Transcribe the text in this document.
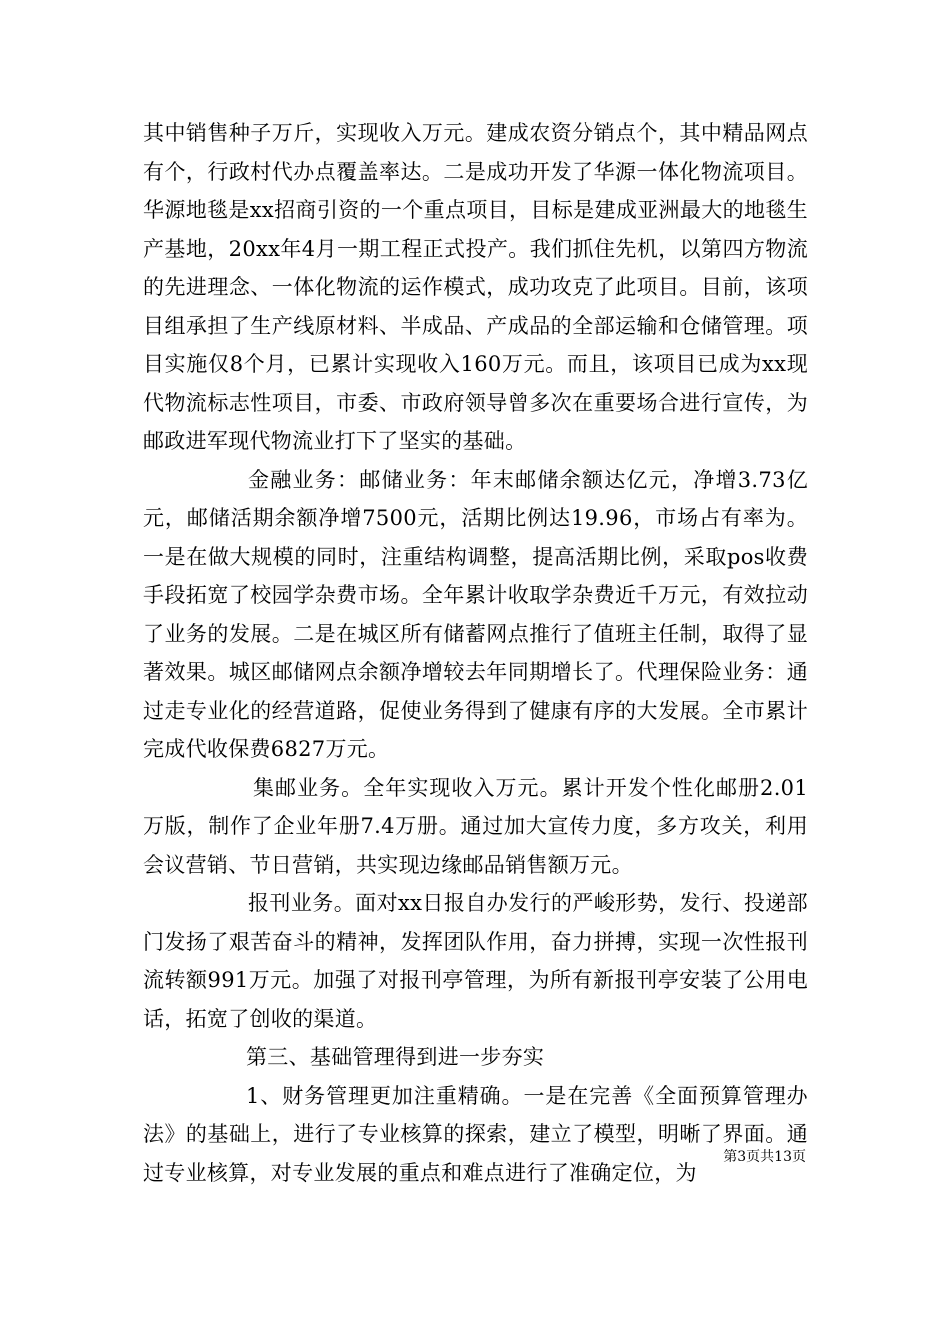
其中销售种子万斤，实现收入万元。建成农资分销点个，其中精品网点有个，行政村代办点覆盖率达。二是成功开发了华源一体化物流项目。华源地毯是xx招商引资的一个重点项目，目标是建成亚洲最大的地毯生产基地，20xx年4月一期工程正式投产。我们抓住先机，以第四方物流的先进理念、一体化物流的运作模式，成功攻克了此项目。目前，该项目组承担了生产线原材料、半成品、产成品的全部运输和仓储管理。项目实施仅8个月，已累计实现收入160万元。而且，该项目已成为xx现代物流标志性项目，市委、市政府领导曾多次在重要场合进行宣传，为邮政进军现代物流业打下了坚实的基础。

金融业务：邮储业务：年末邮储余额达亿元，净增3.73亿元，邮储活期余额净增7500元，活期比例达19.96，市场占有率为。一是在做大规模的同时，注重结构调整，提高活期比例，采取pos收费手段拓宽了校园学杂费市场。全年累计收取学杂费近千万元，有效拉动了业务的发展。二是在城区所有储蓄网点推行了值班主任制，取得了显著效果。城区邮储网点余额净增较去年同期增长了。代理保险业务：通过走专业化的经营道路，促使业务得到了健康有序的大发展。全市累计完成代收保费6827万元。

集邮业务。全年实现收入万元。累计开发个性化邮册2.01万版，制作了企业年册7.4万册。通过加大宣传力度，多方攻关，利用会议营销、节日营销，共实现边缘邮品销售额万元。

报刊业务。面对xx日报自办发行的严峻形势，发行、投递部门发扬了艰苦奋斗的精神，发挥团队作用，奋力拼搏，实现一次性报刊流转额991万元。加强了对报刊亭管理，为所有新报刊亭安装了公用电话，拓宽了创收的渠道。

第三、基础管理得到进一步夯实

1、财务管理更加注重精确。一是在完善《全面预算管理办法》的基础上，进行了专业核算的探索，建立了模型，明晰了界面。通过专业核算，对专业发展的重点和难点进行了准确定位，为

第3页共13页
